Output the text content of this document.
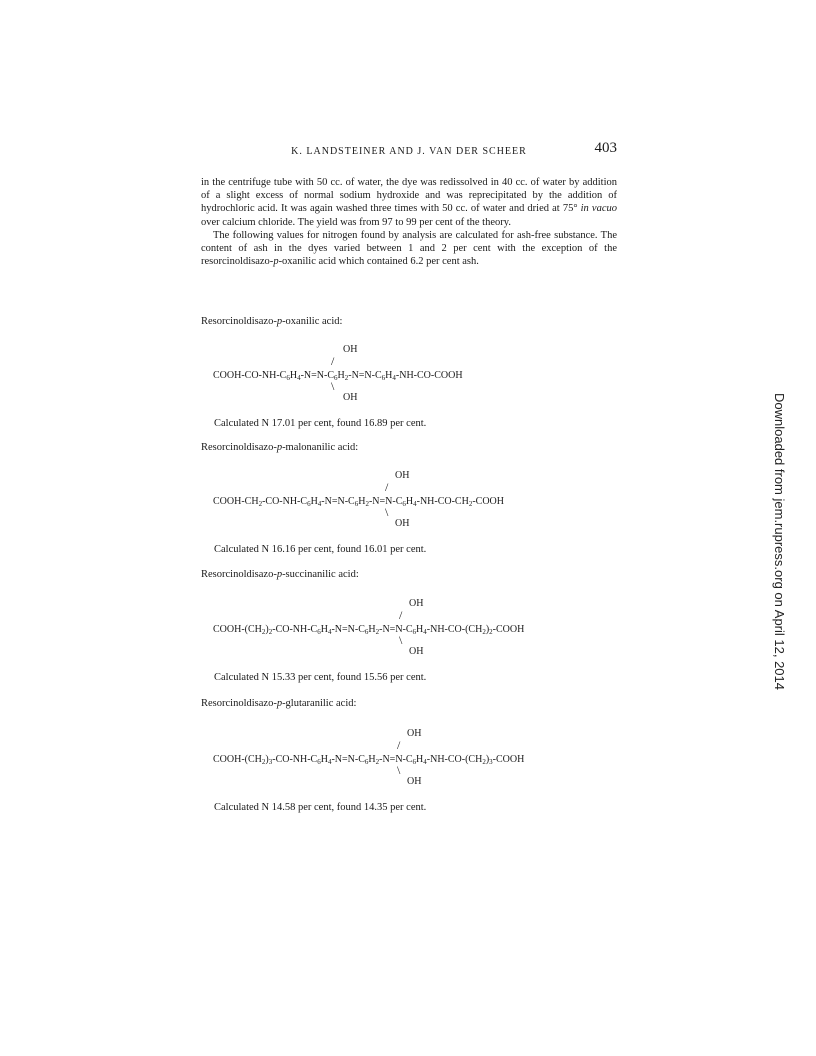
K. LANDSTEINER AND J. VAN DER SCHEER	403

in the centrifuge tube with 50 cc. of water, the dye was redissolved in 40 cc. of water by addition of a slight excess of normal sodium hydroxide and was reprecipitated by the addition of hydrochloric acid. It was again washed three times with 50 cc. of water and dried at 75° in vacuo over calcium chloride. The yield was from 97 to 99 per cent of the theory.

The following values for nitrogen found by analysis are calculated for ash-free substance. The content of ash in the dyes varied between 1 and 2 per cent with the exception of the resorcinoldisazo-p-oxanilic acid which contained 6.2 per cent ash.

Resorcinoldisazo-p-oxanilic acid:
OH
/
COOH-$CO-NH-C_6H_4-N=N-C_6H_2-N=N-C_6H_4-NH-CO$-COOH
\
OH
Calculated N 17.01 per cent, found 16.89 per cent.
Resorcinoldisazo-p-malonanilic acid:
OH
/
COOH-$CH_2-CO-NH-C_6H_4-N=N-C_6H_2-N=N-C_6H_4-NH-CO-CH_2$-COOH
\
OH
Calculated N 16.16 per cent, found 16.01 per cent.
Resorcinoldisazo-p-succinanilic acid:
OH
/
COOH-$(CH_2)_2-CO-NH-C_6H_4-N=N-C_6H_2-N=N-C_6H_4-NH-CO-(CH_2)_2$-COOH
\
OH
Calculated N 15.33 per cent, found 15.56 per cent.
Resorcinoldisazo-p-glutaranilic acid:
OH
/
COOH-$(CH_2)_3-CO-NH-C_6H_4-N=N-C_6H_2-N=N-C_6H_4-NH-CO-(CH_2)_3$-COOH
\
OH
Calculated N 14.58 per cent, found 14.35 per cent.
Downloaded from jem.rupress.org on April 12, 2014
